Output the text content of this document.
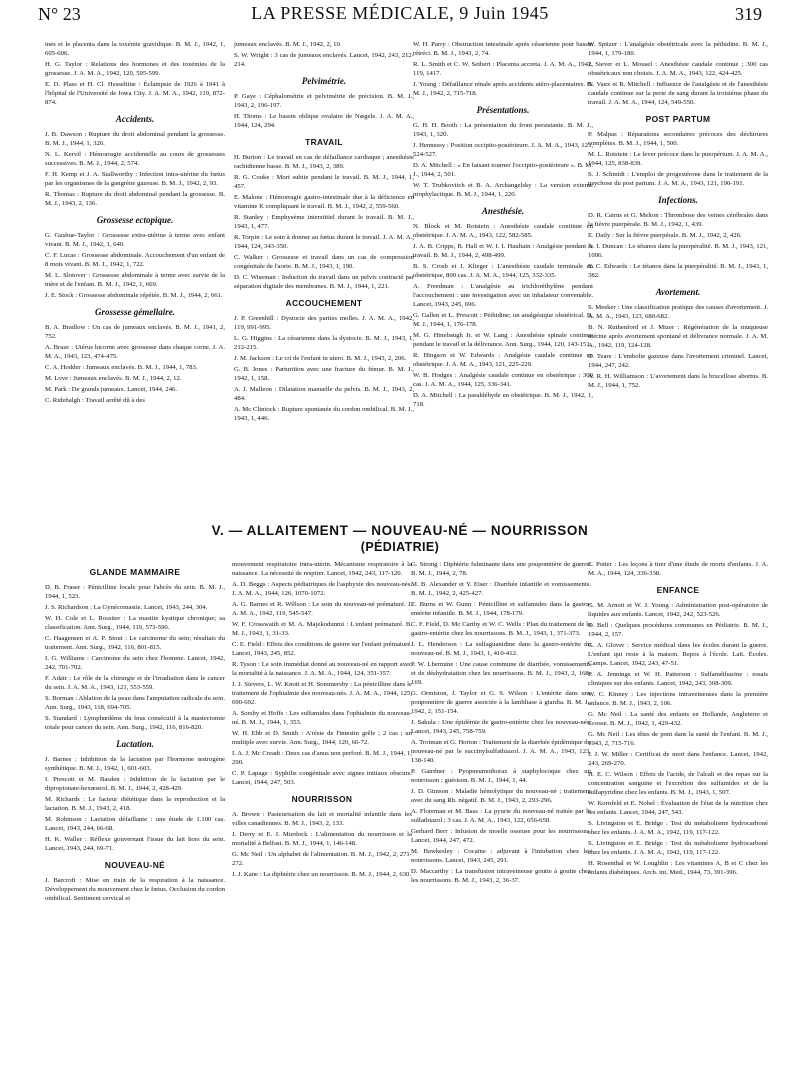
N° 23	LA PRESSE MÉDICALE, 9 Juin 1945	319

ines et le placenta dans la toxémie gravidique. B. M. J., 1942, 1, 605-606.

H. G. Taylor : Relations des hormones et des toxémies de la grossesse. J. A. M. A., 1942, 120, 595-599.

E. D. Plass et H. Cl. Hesseltine : Éclampsie de 1926 à 1941 à l'hôpital de l'Université de Iowa City. J. A. M. A., 1942, 119, 872-874.

Accidents.

J. B. Dawson : Rupture du droit abdominal pendant la grossesse. B. M. J., 1944, 1, 326.

N. L. Kervil : Hémorragie accidentelle au cours de grossesses successives. B. M. J., 1944, 2, 574.

F. H. Kemp et J. A. Stallworthy : Infection intra-utérine du fœtus par les organismes de la gangrène gazeuse. B. M. J., 1942, 2, 93.

R. Thomas : Rupture du droit abdominal pendant la grossesse. B. M. J., 1943, 2, 136.

Grossesse ectopique.

G. Gushue-Taylor : Grossesse extra-utérine à terme avec enfant vivant. B. M. J., 1942, 1, 640.

C. F. Lucas : Grossesse abdominale. Accouchement d'un enfant de 8 mois vivant. B. M. J., 1942, 1, 722.

M. L. Slotover : Grossesse abdominale à terme avec survie de la mère et de l'enfant. B. M. J., 1942, 1, 669.

J. E. Stock : Grossesse abdominale répétée. B. M. J., 1944, 2, 661.

Grossesse gémellaire.

B. A. Bradlow : Un cas de jumeaux enclavés. B. M. J., 1941, 2, 752.

A. Braze : Utérus bicorne avec grossesse dans chaque corne. J. A. M. A., 1943, 123, 474-475.

C. A. Hodder : Jumeaux enclavés. B. M. J., 1944, 1, 783.

M. Love : Jumeaux enclavés. B. M. J., 1944, 2, 12.

M. Park : De grands jumeaux. Lancet, 1944, 246.

C. Ridehalgh : Travail arrêté dû à des

jumeaux enclavés. B. M. J., 1942, 2, 10.

S. W. Wright : 3 cas de jumeaux enclavés. Lancet, 1942, 243, 212-214.

Pelvimétrie.

P. Gaye : Céphalométrie et pelvimétrie de précision. B. M. J., 1943, 2, 196-197.

H. Thoms : Le bassin oblique ovalaire de Nægele. J. A. M. A., 1944, 124, 294.

TRAVAIL

H. Burton : Le travail en cas de défaillance cardiaque ; anesthésie rachidienne basse. B. M. J., 1943, 2, 389.

R. G. Cooke : Mort subite pendant le travail. B. M. J., 1944, 1, 457.

E. Malone : Hémorragie gastro-intestinale due à la déficience en vitamine K compliquant le travail. B. M. J., 1942, 2, 559-560.

R. Stanley : Emphysème interstitiel durant le travail. B. M. J., 1943, 1, 477.

R. Torpin : Le soin à donner au fœtus durant le travail. J. A. M. A., 1944, 124, 343-350.

C. Walker : Grossesse et travail dans un cas de compression congénitale de l'aorte. B. M. J., 1943, 1, 190.

D. C. Wiseman : Induction du travail dans un pelvis contracté par séparation digitale des membranes. B. M. J., 1944, 1, 221.

ACCOUCHEMENT

J. P. Greenhill : Dystocie des parties molles. J. A. M. A., 1942, 119, 991-995.

L. G. Higgins : La césarienne dans la dystocie. B. M. J., 1943, 1, 212-215.

J. M. Jackson : Le cri de l'enfant in utero. B. M. J., 1943, 2, 206.

G. B. Jones : Parturition avec une fracture du fémur. B. M. J., 1942, 1, 158.

A. J. Malleon : Dilatation manuelle du pelvis. B. M. J., 1943, 2, 484.

A. Mc Clintock : Rupture spontanée du cordon ombilical. B. M. J., 1943, 1, 446.

W. H. Parry : Obstruction intestinale après césarienne pour bassin rétréci. B. M. J., 1943, 2, 74.

R. L. Smith et C. W. Seibert : Placenta accreta. J. A. M. A., 1942, 119, 1417.

J. Young : Défaillance rénale après accidents utéro-placentaires. B. M. J., 1942, 2, 715-718.

Présentations.

G. H. H. Booth : La présentation du front persistante. B. M. J., 1943, 1, 320.

J. Hennessy : Position occipito-postérieure. J. A. M. A., 1943, 123, 524-527.

D. A. Mitchell : « En faisant tourner l'occipito-postérieure ». B. M. J., 1944, 2, 501.

W. T. Trubkovitch et B. A. Archangelsky : La version externe prophylactique. B. M. J., 1944, 1, 220.

Anesthésie.

N. Block et M. Rotstein : Anesthésie caudale continue en obstétrique. J. A. M. A., 1943, 122, 582-585.

J. A. B. Cripps, B. Hall et W. I. I. Haultain : Analgésie pendant le travail. B. M. J., 1944, 2, 498-499.

B. S. Crosb et J. Klieger : L'anesthésie caudale terminale en obstétrique, 800 cas. J. A. M. A., 1944, 125, 332-335.

A. Freedman : L'analgésie au trichloréthylène pendant l'accouchement : une investigation avec un inhalateur convenable. Lancet, 1943, 245, 696.

G. Gallen et L. Prescott : Péthidine; un analgésique obstétrical. B. M. J., 1944, 1, 176-178.

M. G. Hinebaugh Jr. et W. Lang : Anesthésie spinale continue pendant le travail et la délivrance. Ann. Surg., 1944, 120, 143-151.

R. Hingson et W. Edwards : Analgésie caudale continue en obstétrique. J. A. M. A., 1943, 121, 225-229.

W. B. Hodges : Analgésie caudale continue en obstétrique ; 300 cas. J. A. M. A., 1944, 125, 336-341.

D. A. Mitchell : La paraldéhyde en obstétrique. B. M. J., 1942, 1, 718.

W. Spitzer : L'analgésie obstétricale avec la péthidine. B. M. J., 1944, 1, 179-180.

J. Siever et L. Mousel : Anesthésie caudale continue ; 300 cas obstétricaux non choisis. J. A. M. A., 1943, 122, 424-425.

N. Vaux et R. Mitchell : Influence de l'analgésie et de l'anesthésie caudale continue sur la perte de sang durant la troisième phase du travail. J. A. M. A., 1944, 124, 549-550.

POST PARTUM

P. Malpas : Réparations secondaires précoces des déchirures complètes. B. M. J., 1944, 1, 500.

M. L. Rotstein : Le lever précoce dans le puerpérium. J. A. M. A., 1944, 125, 838-839.

S. J. Schmidt : L'emploi de progestérone dans le traitement de la psychose du post partum. J. A. M. A., 1943, 121, 190-191.

Infections.

D. R. Cairns et G. Melton : Thrombose des veines cérébrales dans la fièvre puerpérale. B. M. J., 1942, 1, 439.

E. Daily : Sur la fièvre puerpérale. B. M. J., 1942, 2, 426.

A. I. Duncan : Le tétanos dans la puerpéralité. B. M. J., 1943, 121, 1006.

E. C. Edwards : Le tétanos dans la puerpéralité. B. M. J., 1943, 1, 382.

Avortement.

S. Meeker : Une classification pratique des causes d'avortement. J. A. M. A., 1943, 123, 680-682.

B. N. Ruthenford et J. Mizer : Régénération de la muqueuse utérine après avortement spontané et délivrance normale. J. A. M. A., 1942, 119, 124-128.

D. Teare : L'embolie gazeuse dans l'avortement criminel. Lancet, 1944, 247, 242.

A. R. H. Williamson : L'avortement dans la brucellose abortus. B. M. J., 1944, 1, 752.

V. — ALLAITEMENT — NOUVEAU-NÉ — NOURRISSON
(PÉDIATRIE)
GLANDE MAMMAIRE

D. B. Fraser : Pénicilline locale pour l'abcès du sein. B. M. J., 1944, 1, 523.

J. S. Richardson : La Gynécomastie. Lancet, 1943, 244, 304.

W. H. Cole et L. Rossiter : La mastite kystique chronique; sa classification. Ann. Surg., 1944, 119, 573-590.

C. Haagensen et A. P. Stout : Le carcinome du sein; résultats du traitement. Ann. Surg., 1942, 116, 801-815.

I. G. Williams : Carcinome du sein chez l'homme. Lancet, 1942, 242, 701-702.

F. Adair : Le rôle de la chirurgie et de l'irradiation dans le cancer du sein. J. A. M. A., 1943, 121, 553-559.

S. Borman : Ablation de la peau dans l'amputation radicale du sein. Ann. Surg., 1943, 118, 694-705.

S. Standard : Lymphœdème du bras consécutif à la mastectomie totale pour cancer du sein. Ann. Surg., 1942, 116, 816-820.

Lactation.

J. Barnes : Inhibition de la lactation par l'hormone œstrogène synthétique. B. M. J., 1942, 1, 601-603.

I. Prescott et M. Basden : Inhibition de la lactation par le dipropionate-hexœstrol. B. M. J., 1944, 2, 428-429.

M. Richards : Le facteur diététique dans la reproduction et la lactation. B. M. J., 1943, 2, 418.

M. Robinson : Lactation défaillante : une étude de 1.100 cas. Lancet, 1943, 244, 66-68.

H. K. Waller : Réflexe gouvernant l'issue du lait hors du sein. Lancet, 1943, 244, 69-71.

NOUVEAU-NÉ

J. Barcroft : Mise en train de la respiration à la naissance. Développement du mouvement chez le fœtus. Occlusion du cordon ombilical. Sentiment cervical et

mouvement respiratoire intra-utérin. Mécanisme respiratoire à la naissance. La nécessité de respirer. Lancet, 1942, 243, 117-120.

A. D. Beggs : Aspects pédiatriques de l'asphyxie des nouveau-nés. J. A. M. A., 1944, 126, 1070-1072.

A. G. Barnes et R. Willson : Le soin du nouveau-né prématuré. J. A. M. A., 1942, 119, 545-547.

W. F. Crosswaith et M. A. Majekodunmi : L'enfant prématuré. B. M. J., 1943, 1, 31-33.

C. E. Field : Effets des conditions de guerre sur l'enfant prématuré. Lancet, 1943, 245, 852.

R. Tyson : Le soin immédiat donné au nouveau-né en rapport avec la mortalité à la naissance. J. A. M. A., 1944, 124, 351-357.

J. J. Sievers, L. W. Knott et H. Sommersby : La pénicilline dans le traitement de l'ophtalmie des nouveau-nés. J. A. M. A., 1944, 125, 690-692.

A. Sorsby et Hoffs : Les sulfamides dans l'ophtalmie du nouveau-né. B. M. J., 1944, 1, 353.

W. H. Ebb et D. Smith : A'résie de l'intestin grêle ; 2 cas ; un multiple avec survie. Ann. Surg., 1944, 120, 66-72.

I. A. J. Mc Creadt : Deux cas d'anus non perforé. B. M. J., 1944, 1, 290.

C. P. Lapage : Syphilis congénitale avec signes initiaux obscurs. Lancet, 1944, 247, 503.

NOURRISSON

A. Brown : Pasteurisation du lait et mortalité infantile dans les villes canadiennes. B. M. J., 1943, 2, 133.

J. Derry et E. J. Murdock : L'alimentation du nourrisson et la mortalité à Belfast. B. M. J., 1944, 1, 146-148.

G. Mc Neil : Un alphabet de l'alimentation. B. M. J., 1942, 2, 271-272.

J. J. Kane : La diphtérie chez un nourrisson. B. M. J., 1944, 2, 630.

G. Strong : Diphtérie fulminante dans une pouponnière de guerre. B. M. J., 1944, 2, 78.

M. B. Alexander et Y. Eiser : Diarrhée infantile et vomissements. B. M. J., 1942, 2, 425-427.

E. Burns et W. Gunn : Pénicilline et sulfamides dans la gastro-entérite infantile. B. M. J., 1944, 178-179.

C. F. Field, D. Mc Carthy et W. C. Wells : Plan du traitement de la gastro-entérite chez les nourrissons. B. M. J., 1943, 1, 371-373.

J. L. Henderson : La sulfaguanidine dans la gastro-entérite du nouveau-né. B. M. J., 1943, 1, 410-412.

P. W. Lhermine : Une cause commune de diarrhée, vomissements et de déshydratation chez les nourrissons. B. M. J., 1943, 2, 168-169.

G. Ormiston, J. Taylor et G. S. Wilson : L'entérite dans une pouponnière de guerre associée à la lambliase à giardia. B. M. J., 1942, 2, 151-154.

J. Sakula : Une épidémie de gastro-entérite chez les nouveau-nés. Lancet, 1943, 245, 758-759.

A. Trotman et G. Horton : Traitement de la diarrhée épidémique du nouveau-né par le succinylsulfathiazol. J. A. M. A., 1943, 123, 138-140.

P. Gairdner : Pyopneumothorax à staphylocoque chez un nourrisson ; guérison. B. M. J., 1944, 1, 44.

J. D. Gimson : Maladie hémolytique du nouveau-né ; traitement avec du sang Rh. négatif. B. M. J., 1943, 2, 293-296.

A. Floreman et M. Bass : La pyurie du nouveau-né traitée par le sulfathiazol ; 3 cas. J. A. M. A., 1943, 122, 656-658.

Gerhard Berr : Infusion de moelle osseuse pour les nourrissons. Lancet, 1944, 247, 472.

M. Hawkesley : Cocaïne : adjuvant à l'intubation chez les nourrissons. Lancet, 1943, 245, 291.

D. Maccarthy : La transfusion intraveineuse goutte à goutte chez les nourrissons. B. M. J., 1943, 2, 36-37.

E. Potter : Les leçons à tirer d'une étude de morts d'enfants. J. A. M. A., 1944, 124, 336-338.

ENFANCE

G. M. Arnott et W. J. Young : Administration post-opératoire de liquides aux enfants. Lancet, 1942, 242, 523-526.

D. Bell : Quelques procédures communes en Pédiatrie. B. M. J., 1944, 2, 157.

G. A. Glover : Service médical dans les écoles durant la guerre. L'enfant qui reste à la maison. Repos à l'école. Lait. Écoles. Camps. Lancet, 1942, 243, 47-51.

P. A. Jennings et W. H. Patterson : Sulfaméthazine : essais cliniques sur des enfants. Lancet, 1942, 243, 308-309.

W. C. Kinney : Les injections intraveineuses dans la première enfance. B. M. J., 1943, 2, 106.

G. Mc Neil : La santé des enfants en Hollande, Angleterre et Écosse. B. M. J., 1942, 1, 429-432.

G. Mc Neil : Les têtes de pont dans la santé de l'enfant. B. M. J., 1943, 2, 715-716.

I. J. W. Miller : Certificat de mort dans l'enfance. Lancet, 1942, 243, 269-270.

H. E. C. Wilson : Effets de l'acide, de l'alcali et des repas sur la concentration sanguine et l'excrétion des sulfamides et de la sulfapyridine chez les enfants. B. M. J., 1943, 1, 507.

W. Kornfeld et E. Nobel : Évaluation de l'état de la nutrition chez les enfants. Lancet, 1944, 247, 543.

S. Livingston et E. Bridge : Test du métabolisme hydrocarboné chez les enfants. J. A. M. A., 1942, 119, 117-122.

S. Livingston et E. Bridge : Test du métabolisme hydrocarboné chez les enfants. J. A. M. A., 1942, 119, 117-122.

H. Rosenthal et W. Loughlin : Les vitamines A, B et C chez les enfants diabétiques. Arch. int. Med., 1944, 73, 391-396.
